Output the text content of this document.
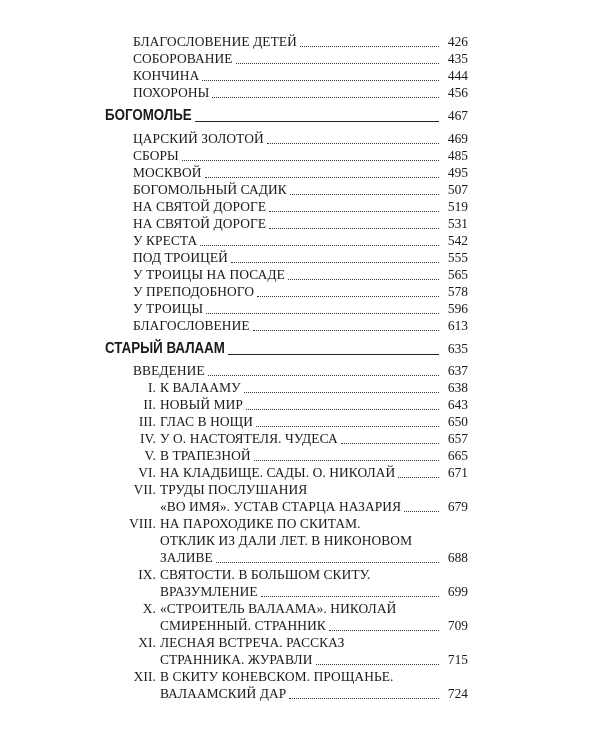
БЛАГОСЛОВЕНИЕ ДЕТЕЙ	426
СОБОРОВАНИЕ	435
КОНЧИНА	444
ПОХОРОНЫ	456
БОГОМОЛЬЕ	467
ЦАРСКИЙ ЗОЛОТОЙ	469
СБОРЫ	485
МОСКВОЙ	495
БОГОМОЛЬНЫЙ САДИК	507
НА СВЯТОЙ ДОРОГЕ	519
НА СВЯТОЙ ДОРОГЕ	531
У КРЕСТА	542
ПОД ТРОИЦЕЙ	555
У ТРОИЦЫ НА ПОСАДЕ	565
У ПРЕПОДОБНОГО	578
У ТРОИЦЫ	596
БЛАГОСЛОВЕНИЕ	613
СТАРЫЙ ВАЛААМ	635
ВВЕДЕНИЕ	637
I. К ВАЛААМУ	638
II. НОВЫЙ МИР	643
III. ГЛАС В НОЩИ	650
IV. У О. НАСТОЯТЕЛЯ. ЧУДЕСА	657
V. В ТРАПЕЗНОЙ	665
VI. НА КЛАДБИЩЕ. САДЫ. О. НИКОЛАЙ	671
VII. ТРУДЫ ПОСЛУШАНИЯ
«ВО ИМЯ». УСТАВ СТАРЦА НАЗАРИЯ	679
VIII. НА ПАРОХОДИКЕ ПО СКИТАМ.
ОТКЛИК ИЗ ДАЛИ ЛЕТ. В НИКОНОВОМ
ЗАЛИВЕ	688
IX. СВЯТОСТИ. В БОЛЬШОМ СКИТУ.
ВРАЗУМЛЕНИЕ	699
X. «СТРОИТЕЛЬ ВАЛААМА». НИКОЛАЙ
СМИРЕННЫЙ. СТРАННИК	709
XI. ЛЕСНАЯ ВСТРЕЧА. РАССКАЗ
СТРАННИКА. ЖУРАВЛИ	715
XII. В СКИТУ КОНЕВСКОМ. ПРОЩАНЬЕ.
ВАЛААМСКИЙ ДАР	724
